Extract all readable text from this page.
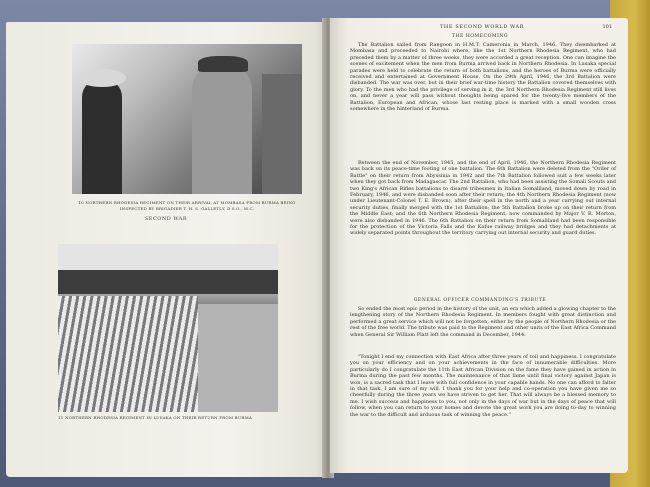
10 NORTHERN RHODESIA REGIMENT ON THEIR ARRIVAL AT MOMBASA FROM BURMA BEING INSPECTED BY BRIGADIER T. H. S. GALLETLY, D.S.O., M.C.
SECOND WAR
11 NORTHERN RHODESIA REGIMENT IN LUSAKA ON THEIR RETURN FROM BURMA
THE SECOND WORLD WAR	101
THE HOMECOMING
The Battalion sailed from Rangoon in H.M.T. Cameronia in March, 1946. They disembarked at Mombasa and proceeded to Nairobi where, like the 1st Northern Rhodesia Regiment, who had preceded them by a matter of three weeks, they were accorded a great reception. One can imagine the scenes of excitement when the men from Burma arrived back in Northern Rhodesia. In Lusaka special parades were held to celebrate the return of both battalions, and the heroes of Burma were officially received and entertained at Government House. On the 29th April, 1946, the 3rd Battalion were disbanded. The war was over, but in their brief war-time history the Battalion covered themselves with glory. To the men who had the privilege of serving in it, the 3rd Northern Rhodesia Regiment still lives on, and never a year will pass without thoughts being spared for the twenty-five members of the Battalion, European and African, whose last resting place is marked with a small wooden cross somewhere in the hinterland of Burma.
Between the end of November, 1945, and the end of April, 1946, the Northern Rhodesia Regiment was back on its peace-time footing of one battalion. The 6th Battalion were deleted from the "Order of Battle" on their return from Abyssinia in 1942 and the 7th Battalion followed suit a few weeks later when they got back from Madagascar. The 2nd Battalion, who had been assisting the Somali Scouts and two King's African Rifles battalions to disarm tribesmen in Italian Somaliland, moved down by road in February, 1946, and were disbanded soon after their return; the 4th Northern Rhodesia Regiment (now under Lieutenant-Colonel T. E. Brown), after their spell in the north and a year carrying out internal security duties, finally merged with the 1st Battalion; the 5th Battalion broke up on their return from the Middle East; and the 6th Northern Rhodesia Regiment, now commanded by Major V. R. Morton, were also disbanded in 1946. The 6th Battalion on their return from Somaliland had been responsible for the protection of the Victoria Falls and the Kafue railway bridges and they had detachments at widely separated points throughout the territory carrying out internal security and guard duties.
GENERAL OFFICER COMMANDING'S TRIBUTE
So ended the most epic period in the history of the unit, an era which added a glowing chapter to the lengthening story of the Northern Rhodesia Regiment. In members fought with great distinction and performed a great service which will not be forgotten, either by the people of Northern Rhodesia or the rest of the free world. The tribute was paid to the Regiment and other units of the East Africa Command when General Sir William Platt left the command in December, 1944:
"Tonight I end my connection with East Africa after three years of toil and happiness. I congratulate you on your efficiency and on your achievements in the face of innumerable difficulties. More particularly do I congratulate the 11th East African Division on the fame they have gained in action in Burma during the past few months. The maintenance of that fame until final victory against Japan is won, is a sacred task that I leave with full confidence in your capable hands. No one can afford to falter in that task. I am sure of my will. I thank you for your help and co-operation you have given me so cheerfully during the three years we have striven to get her. That will always be a blessed memory to me. I wish success and happiness to you, not only in the days of war but in the days of peace that will follow, when you can return to your homes and devote the great work you are doing to-day to winning the war to the difficult and arduous task of winning the peace."
